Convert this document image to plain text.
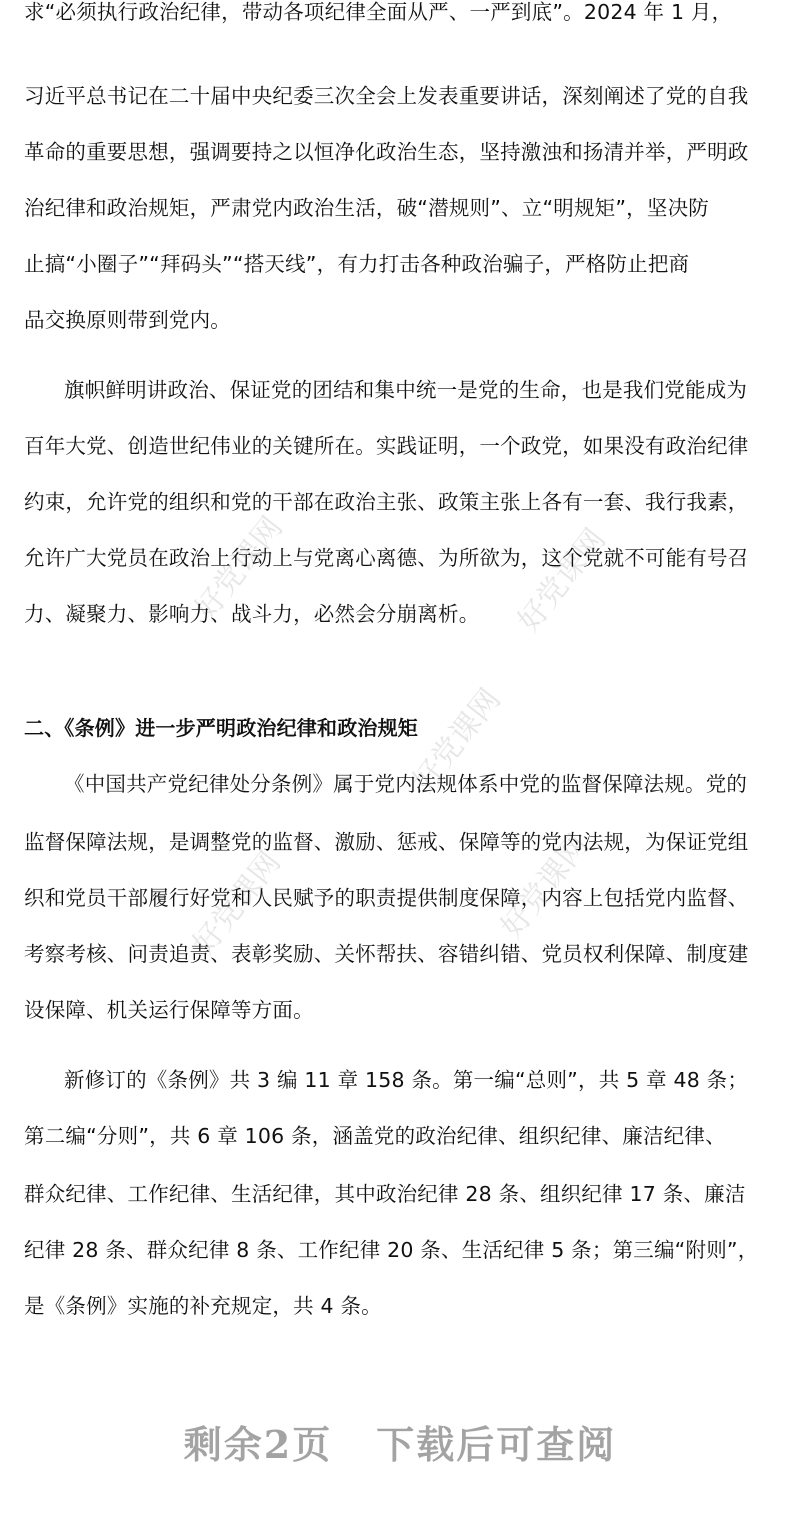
好党课网	好党课网
好党课网
好党课网	好党课网
求“必须执行政治纪律，带动各项纪律全面从严、一严到底”。2024 年 1 月，
习近平总书记在二十届中央纪委三次全会上发表重要讲话，深刻阐述了党的自我
革命的重要思想，强调要持之以恒净化政治生态，坚持激浊和扬清并举，严明政
治纪律和政治规矩，严肃党内政治生活，破“潜规则”、立“明规矩”，坚决防
止搞“小圈子”“拜码头”“搭天线”，有力打击各种政治骗子，严格防止把商
品交换原则带到党内。
旗帜鲜明讲政治、保证党的团结和集中统一是党的生命，也是我们党能成为
百年大党、创造世纪伟业的关键所在。实践证明，一个政党，如果没有政治纪律
约束，允许党的组织和党的干部在政治主张、政策主张上各有一套、我行我素，
允许广大党员在政治上行动上与党离心离德、为所欲为，这个党就不可能有号召
力、凝聚力、影响力、战斗力，必然会分崩离析。
二、《条例》进一步严明政治纪律和政治规矩
《中国共产党纪律处分条例》属于党内法规体系中党的监督保障法规。党的
监督保障法规，是调整党的监督、激励、惩戒、保障等的党内法规，为保证党组
织和党员干部履行好党和人民赋予的职责提供制度保障，内容上包括党内监督、
考察考核、问责追责、表彰奖励、关怀帮扶、容错纠错、党员权利保障、制度建
设保障、机关运行保障等方面。
新修订的《条例》共 3 编 11 章 158 条。第一编“总则”，共 5 章 48 条；
第二编“分则”，共 6 章 106 条，涵盖党的政治纪律、组织纪律、廉洁纪律、
群众纪律、工作纪律、生活纪律，其中政治纪律 28 条、组织纪律 17 条、廉洁
纪律 28 条、群众纪律 8 条、工作纪律 20 条、生活纪律 5 条；第三编“附则”，
是《条例》实施的补充规定，共 4 条。
剩余2页 下载后可查阅
